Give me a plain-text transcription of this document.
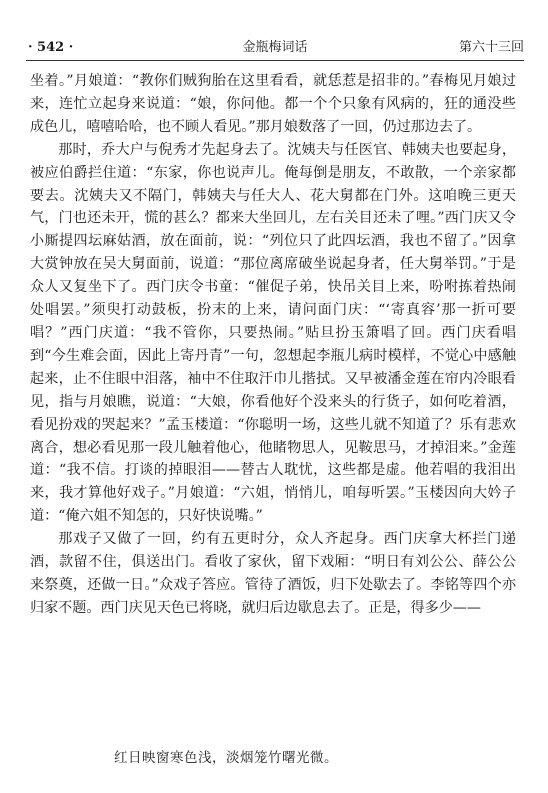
· 542 ·	金瓶梅词话	第六十三回

坐着。”月娘道：“教你们贼狗胎在这里看看，就恁惹是招非的。”春梅见月娘过来，连忙立起身来说道：“娘，你问他。都一个个只象有风病的，狂的通没些成色儿，嘻嘻哈哈，也不顾人看见。”那月娘数落了一回，仍过那边去了。

那时，乔大户与倪秀才先起身去了。沈姨夫与任医官、韩姨夫也要起身，被应伯爵拦住道：“东家，你也说声儿。俺每倒是朋友，不敢散，一个亲家都要去。沈姨夫又不隔门，韩姨夫与任大人、花大舅都在门外。这咱晚三更天气，门也还未开，慌的甚么？都来大坐回儿，左右关目还未了哩。”西门庆又令小厮提四坛麻姑酒，放在面前，说：“列位只了此四坛酒，我也不留了。”因拿大赏钟放在吴大舅面前，说道：“那位离席破坐说起身者，任大舅举罚。”于是众人又复坐下了。西门庆令书童：“催促子弟，快吊关目上来，吩咐拣着热闹处唱罢。”须臾打动鼓板，扮末的上来，请问面门庆：“‘寄真容’那一折可要唱？”西门庆道：“我不管你，只要热闹。”贴旦扮玉箫唱了回。西门庆看唱到“今生难会面，因此上寄丹青”一句，忽想起李瓶儿病时模样，不觉心中感触起来，止不住眼中泪落，袖中不住取汗巾儿揩拭。又早被潘金莲在帘内冷眼看见，指与月娘瞧，说道：“大娘，你看他好个没来头的行货子，如何吃着酒，看见扮戏的哭起来？”孟玉楼道：“你聪明一场，这些儿就不知道了？乐有悲欢离合，想必看见那一段儿触着他心，他睹物思人，见鞍思马，才掉泪来。”金莲道：“我不信。打谈的掉眼泪——替古人耽忧，这些都是虚。他若唱的我泪出来，我才算他好戏子。”月娘道：“六姐，悄悄儿，咱每听罢。”玉楼因向大妗子道：“俺六姐不知怎的，只好快说嘴。”

那戏子又做了一回，约有五更时分，众人齐起身。西门庆拿大杯拦门递酒，款留不住，俱送出门。看收了家伙，留下戏厢：“明日有刘公公、薛公公来祭奠，还做一日。”众戏子答应。管待了酒饭，归下处歇去了。李铭等四个亦归家不题。西门庆见天色已将晓，就归后边歇息去了。正是，得多少——

红日映窗寒色浅，淡烟笼竹曙光微。
